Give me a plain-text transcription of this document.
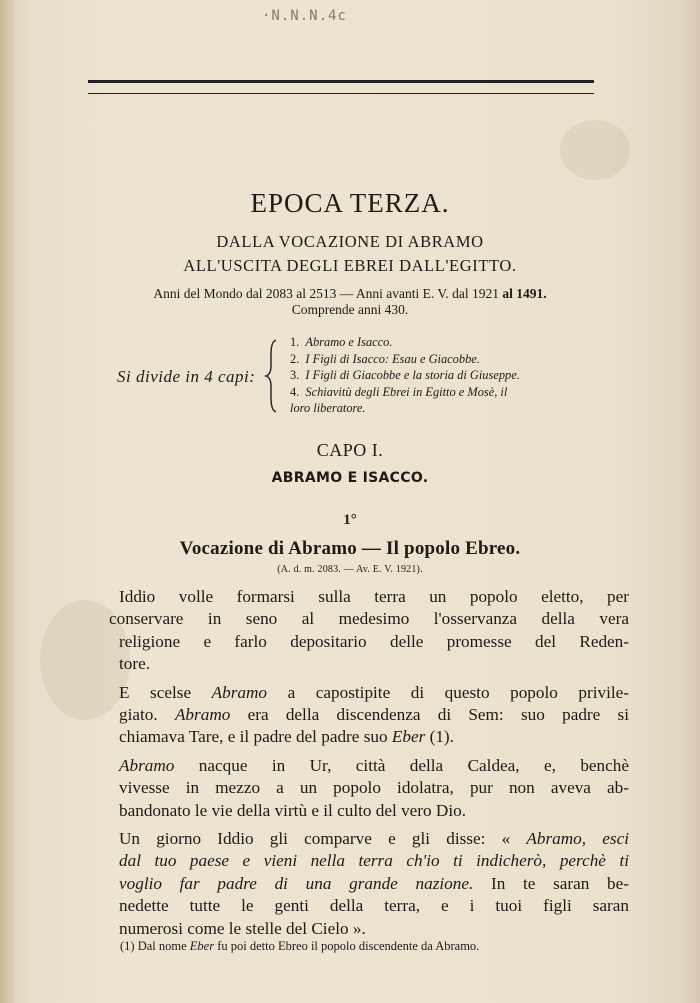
·N.N.N.4c
EPOCA TERZA.
DALLA VOCAZIONE DI ABRAMO
ALL'USCITA DEGLI EBREI DALL'EGITTO.
Anni del Mondo dal 2083 al 2513 — Anni avanti E. V. dal 1921 al 1491.
Comprende anni 430.
Si divide in 4 capi:
1. Abramo e Isacco.
2. I Figli di Isacco: Esau e Giacobbe.
3. I Figli di Giacobbe e la storia di Giuseppe.
4. Schiavitù degli Ebrei in Egitto e Mosè, il
loro liberatore.
CAPO I.
ABRAMO E ISACCO.
1°
Vocazione di Abramo — Il popolo Ebreo.
(A. d. m. 2083. — Av. E. V. 1921).

Iddio volle formarsi sulla terra un popolo eletto, per
conservare in seno al medesimo l'osservanza della vera
religione e farlo depositario delle promesse del Reden-
tore.

E scelse Abramo a capostipite di questo popolo privile-
giato. Abramo era della discendenza di Sem: suo padre si
chiamava Tare, e il padre del padre suo Eber (1).

Abramo nacque in Ur, città della Caldea, e, benchè
vivesse in mezzo a un popolo idolatra, pur non aveva ab-
bandonato le vie della virtù e il culto del vero Dio.

Un giorno Iddio gli comparve e gli disse: « Abramo, esci
dal tuo paese e vieni nella terra ch'io ti indicherò, perchè ti
voglio far padre di una grande nazione. In te saran be-
nedette tutte le genti della terra, e i tuoi figli saran
numerosi come le stelle del Cielo ».

(1) Dal nome Eber fu poi detto Ebreo il popolo discendente da Abramo.
